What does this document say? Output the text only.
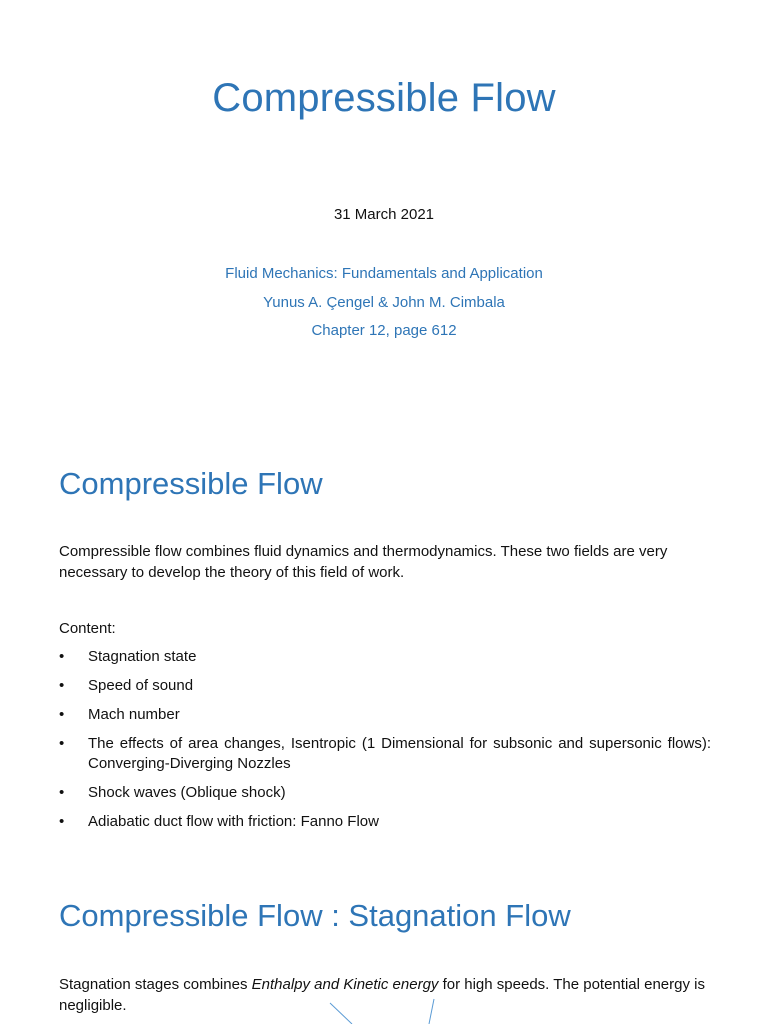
Compressible Flow
31 March 2021
Fluid Mechanics: Fundamentals and Application
Yunus A. Çengel & John M. Cimbala
Chapter 12, page 612
Compressible Flow

Compressible flow combines fluid dynamics and thermodynamics. These two fields are very necessary to develop the theory of this field of work.

Content:
•	Stagnation state
•	Speed of sound
•	Mach number
•	The effects of area changes, Isentropic (1 Dimensional for subsonic and supersonic flows): Converging-Diverging Nozzles
•	Shock waves (Oblique shock)
•	Adiabatic duct flow with friction: Fanno Flow
Compressible Flow : Stagnation Flow

Stagnation stages combines Enthalpy and Kinetic energy for high speeds. The potential energy is negligible.
